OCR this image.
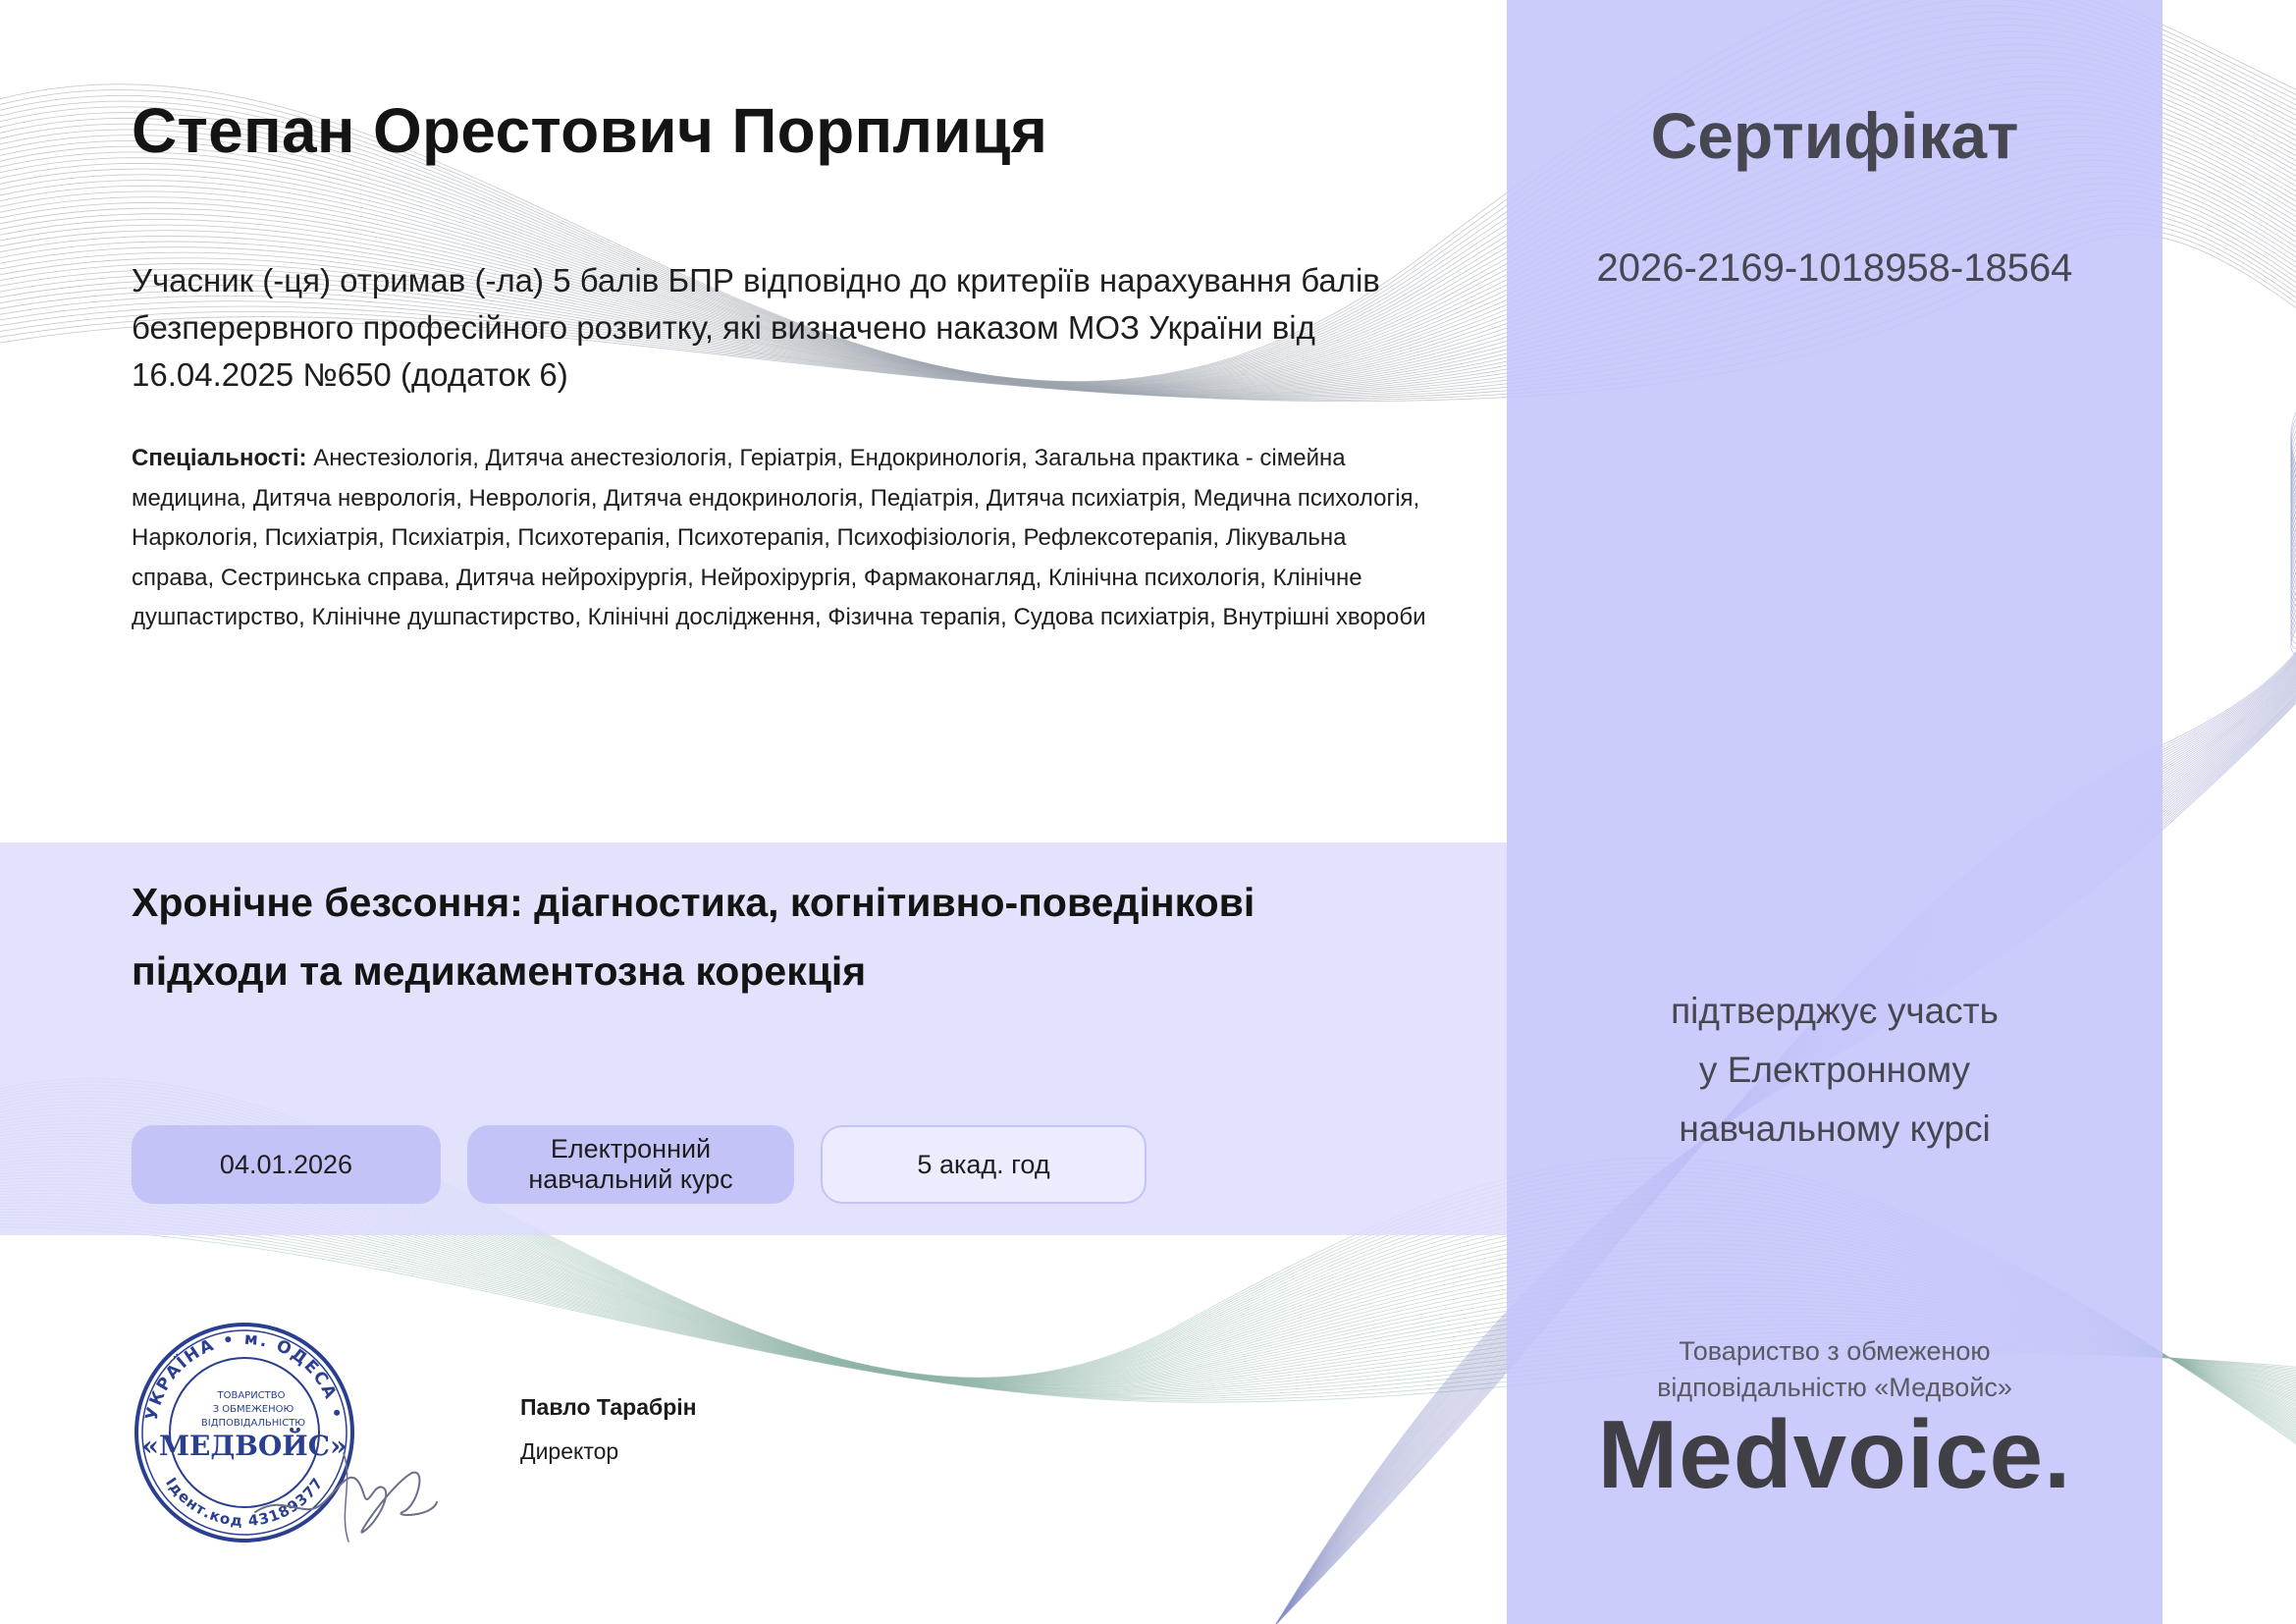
Степан Орестович Порплиця

Учасник (-ця) отримав (-ла) 5 балів БПР відповідно до критеріїв нарахування балів безперервного професійного розвитку, які визначено наказом МОЗ України від 16.04.2025 №650 (додаток 6)

Спеціальності: Анестезіологія, Дитяча анестезіологія, Геріатрія, Ендокринологія, Загальна практика - сімейна медицина, Дитяча неврологія, Неврологія, Дитяча ендокринологія, Педіатрія, Дитяча психіатрія, Медична психологія, Наркологія, Психіатрія, Психіатрія, Психотерапія, Психотерапія, Психофізіологія, Рефлексотерапія, Лікувальна справа, Сестринська справа, Дитяча нейрохірургія, Нейрохірургія, Фармаконагляд, Клінічна психологія, Клінічне душпастирство, Клінічне душпастирство, Клінічні дослідження, Фізична терапія, Судова психіатрія, Внутрішні хвороби

Хронічне безсоння: діагностика, когнітивно-поведінкові підходи та медикаментозна корекція
04.01.2026
Електронний навчальний курс
5 акад. год
УКРАЇНА • м. ОДЕСА •
Ідент.код 43189377
ТОВАРИСТВО
З ОБМЕЖЕНОЮ
ВІДПОВІДАЛЬНІСТЮ
«МЕДВОЙС»

Павло Тарабрін

Директор

Сертифікат

2026-2169-1018958-18564

підтверджує участь
у Електронному
навчальному курсі

Товариство з обмеженою
відповідальністю «Медвойс»

Medvoice.
